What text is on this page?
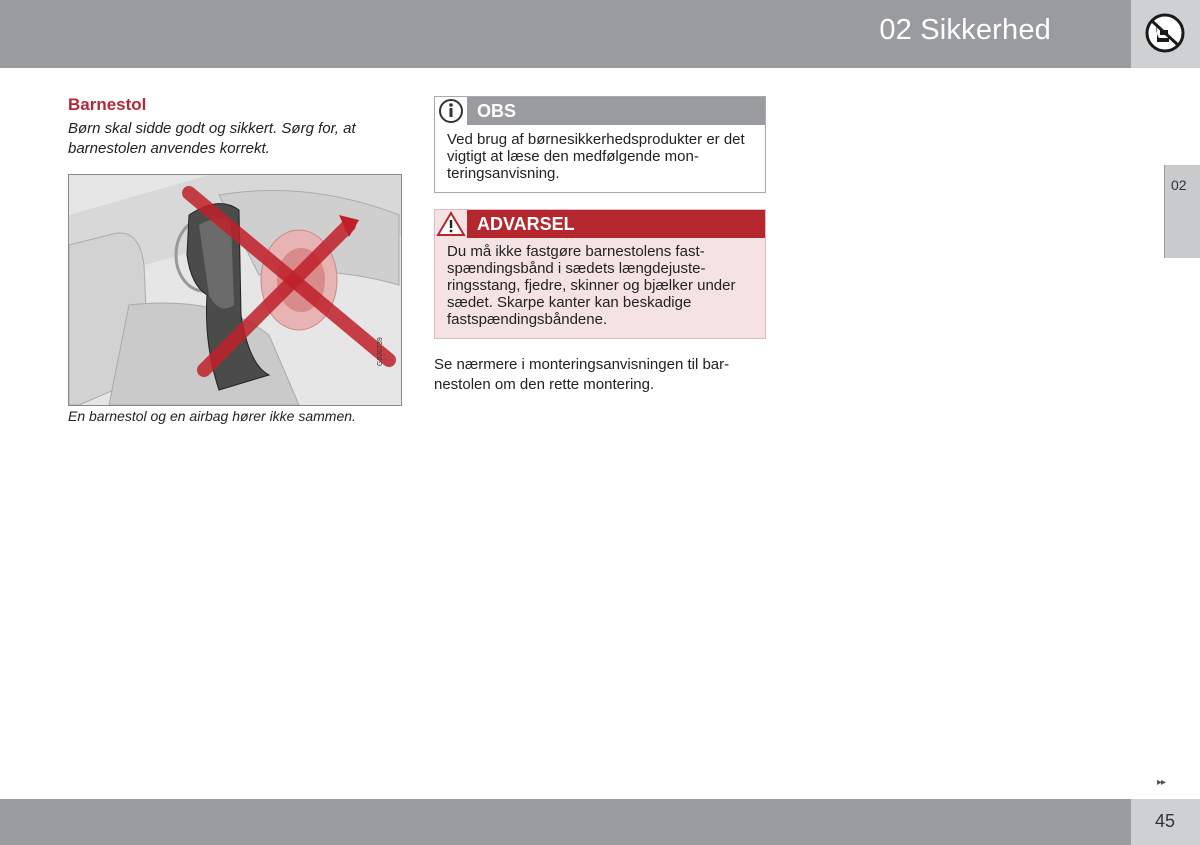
02 Sikkerhed
02
▸▸
45
Barnestol

Børn skal sidde godt og sikkert. Sørg for, at barnestolen anvendes korrekt.

G020739
En barnestol og en airbag hører ikke sammen.
OBS
Ved brug af børnesikkerhedsprodukter er det vigtigt at læse den medfølgende monteringsanvisning.
ADVARSEL
Du må ikke fastgøre barnestolens fastspændingsbånd i sædets længdejusteringsstang, fjedre, skinner og bjælker under sædet. Skarpe kanter kan beskadige fastspændingsbåndene.
Se nærmere i monteringsanvisningen til barnestolen om den rette montering.
